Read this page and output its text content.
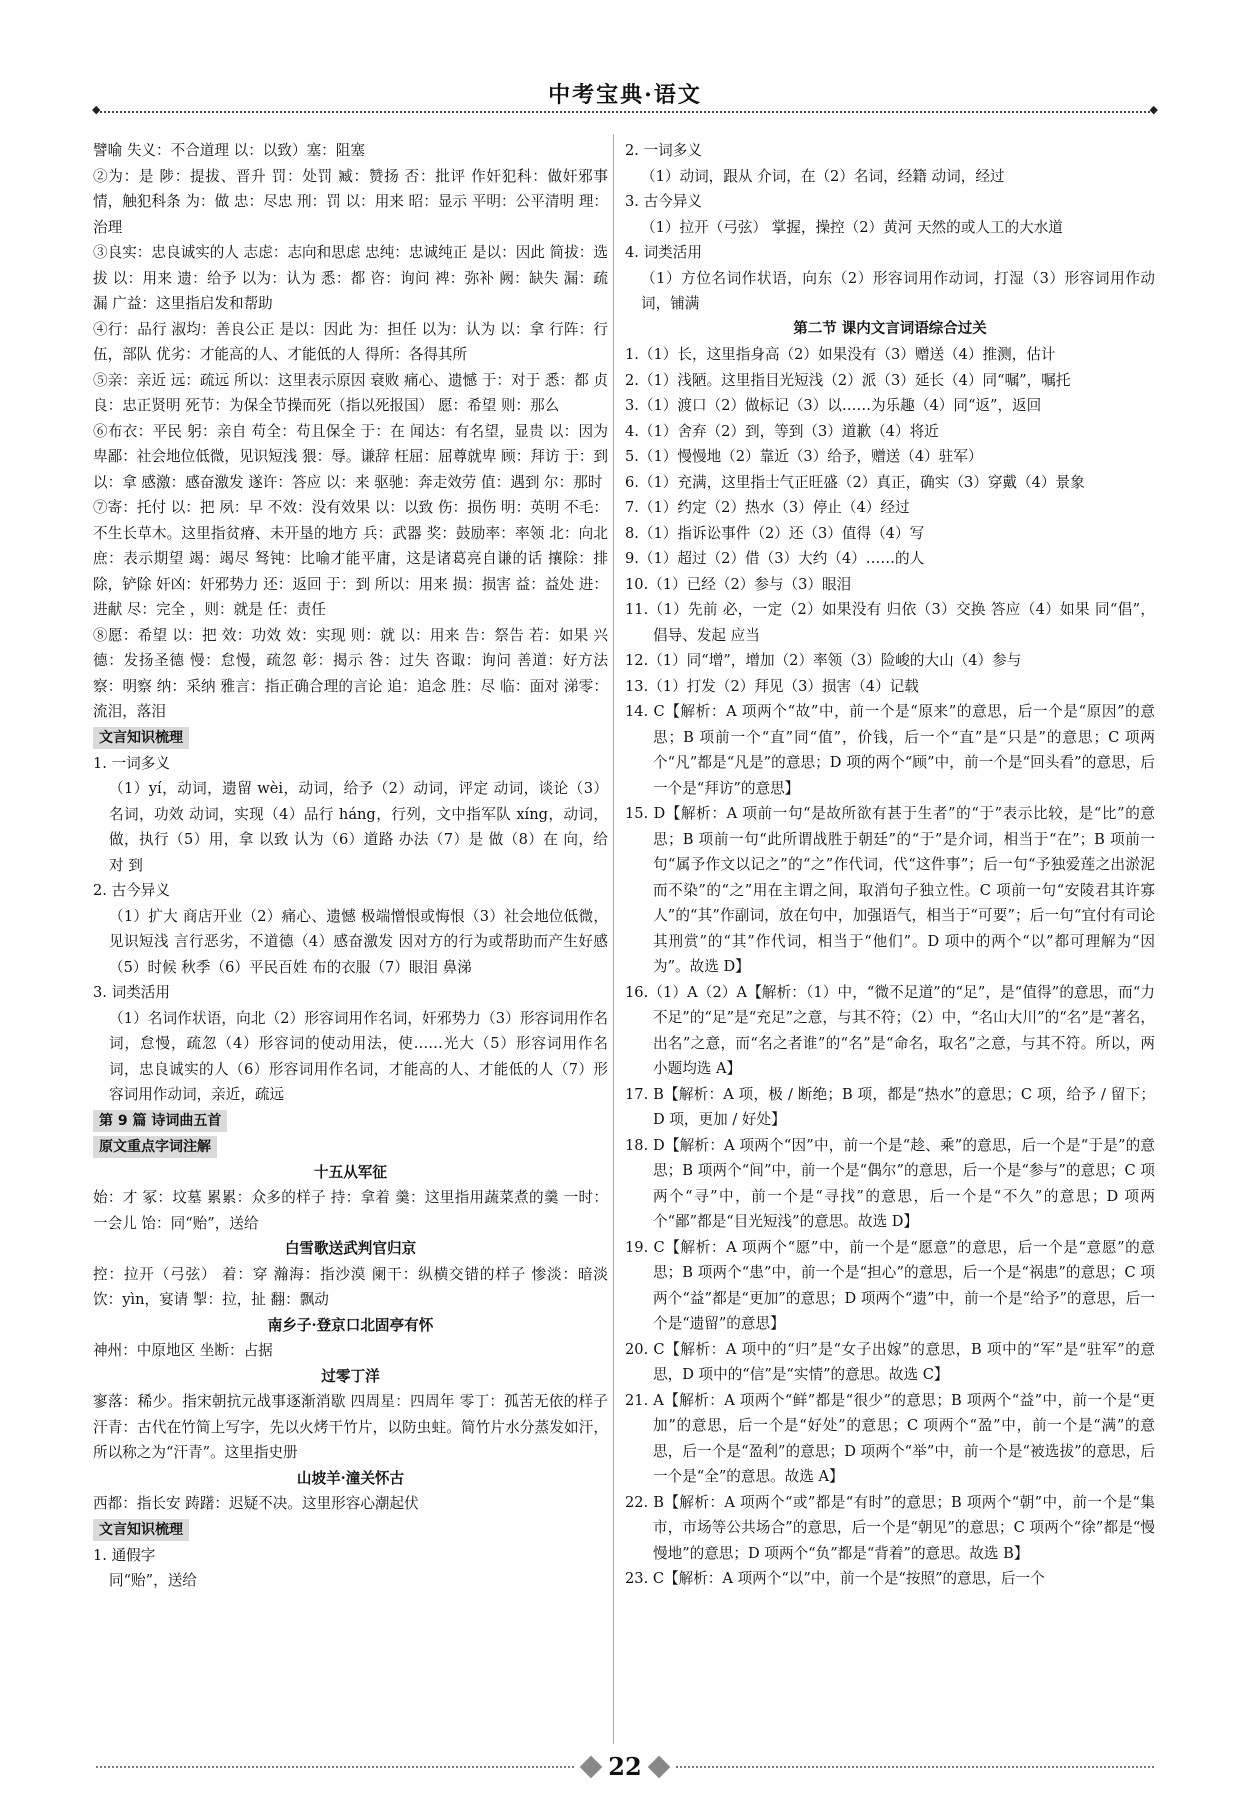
中考宝典·语文
◆ ◆

譬喻 失义：不合道理 以：以致）塞：阻塞

②为：是 陟：提拔、晋升 罚：处罚 臧：赞扬 否：批评 作奸犯科：做奸邪事情，触犯科条 为：做 忠：尽忠 刑：罚 以：用来 昭：显示 平明：公平清明 理：治理

③良实：忠良诚实的人 志虑：志向和思虑 忠纯：忠诚纯正 是以：因此 简拔：选拔 以：用来 遗：给予 以为：认为 悉：都 咨：询问 裨：弥补 阙：缺失 漏：疏漏 广益：这里指启发和帮助

④行：品行 淑均：善良公正 是以：因此 为：担任 以为：认为 以：拿 行阵：行伍，部队 优劣：才能高的人、才能低的人 得所：各得其所

⑤亲：亲近 远：疏远 所以：这里表示原因 衰败 痛心、遗憾 于：对于 悉：都 贞良：忠正贤明 死节：为保全节操而死（指以死报国） 愿：希望 则：那么

⑥布衣：平民 躬：亲自 苟全：苟且保全 于：在 闻达：有名望，显贵 以：因为 卑鄙：社会地位低微，见识短浅 猥：辱。谦辞 枉屈：屈尊就卑 顾：拜访 于：到 以：拿 感激：感奋激发 遂许：答应 以：来 驱驰：奔走效劳 值：遇到 尔：那时

⑦寄：托付 以：把 夙：早 不效：没有效果 以：以致 伤：损伤 明：英明 不毛：不生长草木。这里指贫瘠、未开垦的地方 兵：武器 奖：鼓励率：率领 北：向北 庶：表示期望 竭：竭尽 驽钝：比喻才能平庸，这是诸葛亮自谦的话 攘除：排除，铲除 奸凶：奸邪势力 还：返回 于：到 所以：用来 损：损害 益：益处 进：进献 尽：完全 ，则：就是 任：责任

⑧愿：希望 以：把 效：功效 效：实现 则：就 以：用来 告：祭告 若：如果 兴德：发扬圣德 慢：怠慢，疏忽 彰：揭示 咎：过失 咨诹：询问 善道：好方法 察：明察 纳：采纳 雅言：指正确合理的言论 追：追念 胜：尽 临：面对 涕零：流泪，落泪

文言知识梳理

1. 一词多义

（1）yí，动词，遗留 wèi，动词，给予（2）动词，评定 动词，谈论（3）名词，功效 动词，实现（4）品行 háng，行列，文中指军队 xíng，动词，做，执行（5）用，拿 以致 认为（6）道路 办法（7）是 做（8）在 向，给 对 到

2. 古今异义

（1）扩大 商店开业（2）痛心、遗憾 极端憎恨或悔恨（3）社会地位低微，见识短浅 言行恶劣，不道德（4）感奋激发 因对方的行为或帮助而产生好感（5）时候 秋季（6）平民百姓 布的衣服（7）眼泪 鼻涕

3. 词类活用

（1）名词作状语，向北（2）形容词用作名词，奸邪势力（3）形容词用作名词，怠慢，疏忽（4）形容词的使动用法，使……光大（5）形容词用作名词，忠良诚实的人（6）形容词用作名词，才能高的人、才能低的人（7）形容词用作动词，亲近，疏远

第 9 篇 诗词曲五首
原文重点字词注解

十五从军征

始：才 冢：坟墓 累累：众多的样子 持：拿着 羹：这里指用蔬菜煮的羹 一时：一会儿 饴：同“贻”，送给

白雪歌送武判官归京

控：拉开（弓弦） 着：穿 瀚海：指沙漠 阑干：纵横交错的样子 惨淡：暗淡 饮：yìn，宴请 掣：拉，扯 翻：飘动

南乡子·登京口北固亭有怀

神州：中原地区 坐断：占据

过零丁洋

寥落：稀少。指宋朝抗元战事逐渐消歇 四周星：四周年 零丁：孤苦无依的样子 汗青：古代在竹简上写字，先以火烤干竹片，以防虫蛀。简竹片水分蒸发如汗，所以称之为“汗青”。这里指史册

山坡羊·潼关怀古

西都：指长安 踌躇：迟疑不决。这里形容心潮起伏

文言知识梳理

1. 通假字

同“贻”，送给

2. 一词多义

（1）动词，跟从 介词，在（2）名词，经籍 动词，经过

3. 古今异义

（1）拉开（弓弦） 掌握，操控（2）黄河 天然的或人工的大水道

4. 词类活用

（1）方位名词作状语，向东（2）形容词用作动词，打湿（3）形容词用作动词，铺满

第二节 课内文言词语综合过关

1.（1）长，这里指身高（2）如果没有（3）赠送（4）推测，估计

2.（1）浅陋。这里指目光短浅（2）派（3）延长（4）同“嘱”，嘱托

3.（1）渡口（2）做标记（3）以……为乐趣（4）同“返”，返回

4.（1）舍弃（2）到，等到（3）道歉（4）将近

5.（1）慢慢地（2）靠近（3）给予，赠送（4）驻军）

6.（1）充满，这里指士气正旺盛（2）真正，确实（3）穿戴（4）景象

7.（1）约定（2）热水（3）停止（4）经过

8.（1）指诉讼事件（2）还（3）值得（4）写

9.（1）超过（2）借（3）大约（4）……的人

10.（1）已经（2）参与（3）眼泪

11.（1）先前 必，一定（2）如果没有 归依（3）交换 答应（4）如果 同“倡”，倡导、发起 应当

12.（1）同“增”，增加（2）率领（3）险峻的大山（4）参与

13.（1）打发（2）拜见（3）损害（4）记载

14. C【解析：A 项两个“故”中，前一个是“原来”的意思，后一个是“原因”的意思；B 项前一个“直”同“值”，价钱，后一个“直”是“只是”的意思；C 项两个“凡”都是“凡是”的意思；D 项的两个“顾”中，前一个是“回头看”的意思，后一个是“拜访”的意思】

15. D【解析：A 项前一句“是故所欲有甚于生者”的“于”表示比较，是“比”的意思；B 项前一句“此所谓战胜于朝廷”的“于”是介词，相当于“在”；B 项前一句“属予作文以记之”的“之”作代词，代“这件事”；后一句“予独爱莲之出淤泥而不染”的“之”用在主谓之间，取消句子独立性。C 项前一句“安陵君其许寡人”的“其”作副词，放在句中，加强语气，相当于“可要”；后一句“宜付有司论其刑赏”的“其”作代词，相当于“他们”。D 项中的两个“以”都可理解为“因为”。故选 D】

16.（1）A（2）A【解析：（1）中，“微不足道”的“足”，是“值得”的意思，而“力不足”的“足”是“充足”之意，与其不符；（2）中，“名山大川”的“名”是“著名，出名”之意，而“名之者谁”的“名”是“命名，取名”之意，与其不符。所以，两小题均选 A】

17. B【解析：A 项，极 / 断绝；B 项，都是“热水”的意思；C 项，给予 / 留下；D 项，更加 / 好处】

18. D【解析：A 项两个“因”中，前一个是“趁、乘”的意思，后一个是“于是”的意思；B 项两个“间”中，前一个是“偶尔”的意思，后一个是“参与”的意思；C 项两个“寻”中，前一个是“寻找”的意思，后一个是“不久”的意思；D 项两个“鄙”都是“目光短浅”的意思。故选 D】

19. C【解析：A 项两个“愿”中，前一个是“愿意”的意思，后一个是“意愿”的意思；B 项两个“患”中，前一个是“担心”的意思，后一个是“祸患”的意思；C 项两个“益”都是“更加”的意思；D 项两个“遗”中，前一个是“给予”的意思，后一个是“遗留”的意思】

20. C【解析：A 项中的“归”是“女子出嫁”的意思，B 项中的“军”是“驻军”的意思，D 项中的“信”是“实情”的意思。故选 C】

21. A【解析：A 项两个“鲜”都是“很少”的意思；B 项两个“益”中，前一个是“更加”的意思，后一个是“好处”的意思；C 项两个“盈”中，前一个是“满”的意思，后一个是“盈利”的意思；D 项两个“举”中，前一个是“被选拔”的意思，后一个是“全”的意思。故选 A】

22. B【解析：A 项两个“或”都是“有时”的意思；B 项两个“朝”中，前一个是“集市，市场等公共场合”的意思，后一个是“朝见”的意思；C 项两个“徐”都是“慢慢地”的意思；D 项两个“负”都是“背着”的意思。故选 B】

23. C【解析：A 项两个“以”中，前一个是“按照”的意思，后一个

22
